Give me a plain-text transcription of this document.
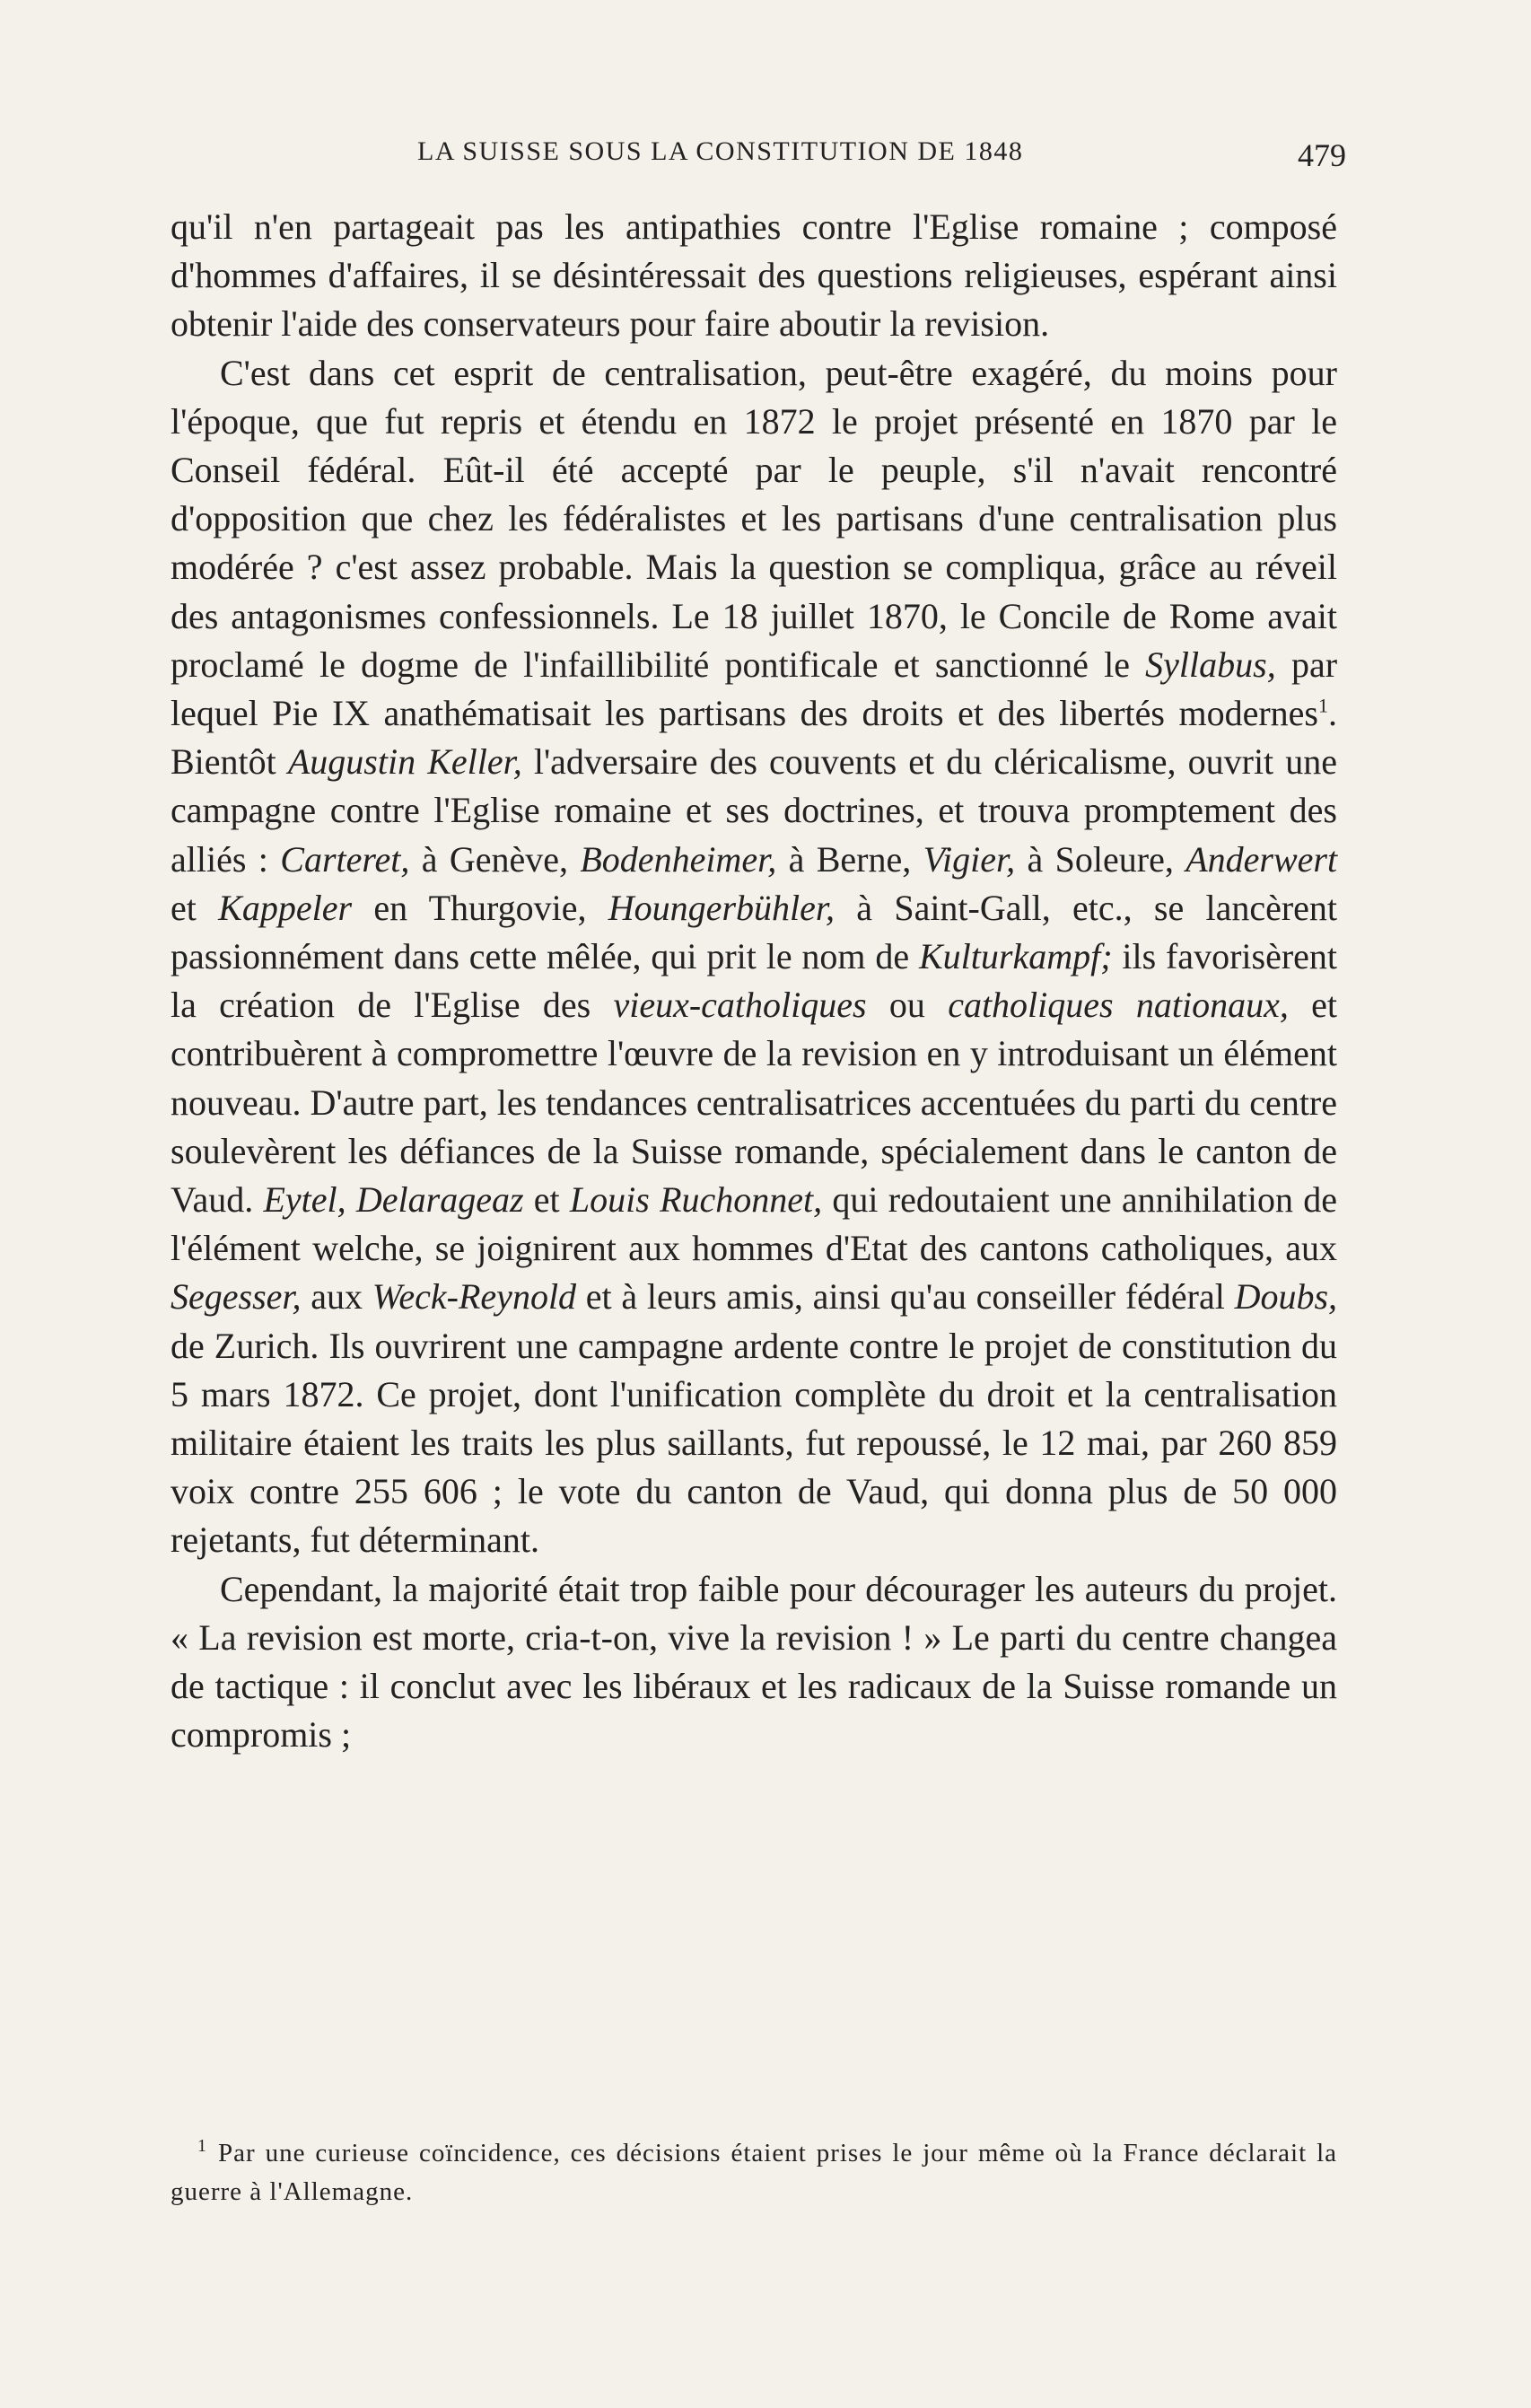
LA SUISSE SOUS LA CONSTITUTION DE 1848	479

qu'il n'en partageait pas les antipathies contre l'Eglise romaine ; composé d'hommes d'affaires, il se désintéressait des questions religieuses, espérant ainsi obtenir l'aide des conservateurs pour faire aboutir la revision.

C'est dans cet esprit de centralisation, peut-être exagéré, du moins pour l'époque, que fut repris et étendu en 1872 le projet présenté en 1870 par le Conseil fédéral. Eût-il été accepté par le peuple, s'il n'avait rencontré d'opposition que chez les fédéralistes et les partisans d'une centralisation plus modérée ? c'est assez probable. Mais la question se compliqua, grâce au réveil des antagonismes confessionnels. Le 18 juillet 1870, le Concile de Rome avait proclamé le dogme de l'infaillibilité pontificale et sanctionné le Syllabus, par lequel Pie IX anathématisait les partisans des droits et des libertés modernes$^1$. Bientôt Augustin Keller, l'adversaire des couvents et du cléricalisme, ouvrit une campagne contre l'Eglise romaine et ses doctrines, et trouva promptement des alliés : Carteret, à Genève, Bodenheimer, à Berne, Vigier, à Soleure, Anderwert et Kappeler en Thurgovie, Houngerbühler, à Saint-Gall, etc., se lancèrent passionnément dans cette mêlée, qui prit le nom de Kulturkampf; ils favorisèrent la création de l'Eglise des vieux-catholiques ou catholiques nationaux, et contribuèrent à compromettre l'œuvre de la revision en y introduisant un élément nouveau. D'autre part, les tendances centralisatrices accentuées du parti du centre soulevèrent les défiances de la Suisse romande, spécialement dans le canton de Vaud. Eytel, Delarageaz et Louis Ruchonnet, qui redoutaient une annihilation de l'élément welche, se joignirent aux hommes d'Etat des cantons catholiques, aux Segesser, aux Weck-Reynold et à leurs amis, ainsi qu'au conseiller fédéral Doubs, de Zurich. Ils ouvrirent une campagne ardente contre le projet de constitution du 5 mars 1872. Ce projet, dont l'unification complète du droit et la centralisation militaire étaient les traits les plus saillants, fut repoussé, le 12 mai, par 260 859 voix contre 255 606 ; le vote du canton de Vaud, qui donna plus de 50 000 rejetants, fut déterminant.

Cependant, la majorité était trop faible pour décourager les auteurs du projet. « La revision est morte, cria-t-on, vive la revision ! » Le parti du centre changea de tactique : il conclut avec les libéraux et les radicaux de la Suisse romande un compromis ;

$^1$ Par une curieuse coïncidence, ces décisions étaient prises le jour même où la France déclarait la guerre à l'Allemagne.
